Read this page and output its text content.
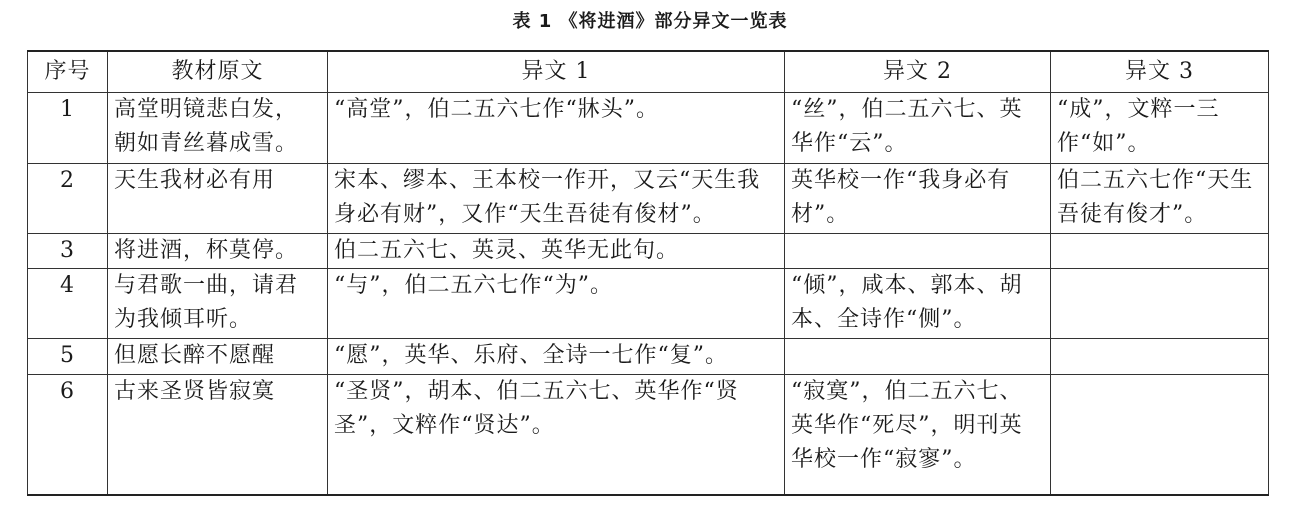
表 1 《将进酒》部分异文一览表
序号	教材原文	异文 1	异文 2	异文 3
1	高堂明镜悲白发，朝如青丝暮成雪。	“高堂”，伯二五六七作“牀头”。	“丝”，伯二五六七、英华作“云”。	“成”，文粹一三作“如”。
2	天生我材必有用	宋本、缪本、王本校一作开，又云“天生我身必有财”，又作“天生吾徒有俊材”。	英华校一作“我身必有材”。	伯二五六七作“天生吾徒有俊才”。
3	将进酒，杯莫停。	伯二五六七、英灵、英华无此句。		
4	与君歌一曲，请君为我倾耳听。	“与”，伯二五六七作“为”。	“倾”，咸本、郭本、胡本、全诗作“侧”。	
5	但愿长醉不愿醒	“愿”，英华、乐府、全诗一七作“复”。		
6	古来圣贤皆寂寞	“圣贤”，胡本、伯二五六七、英华作“贤圣”，文粹作“贤达”。	“寂寞”，伯二五六七、英华作“死尽”，明刊英华校一作“寂寥”。	
